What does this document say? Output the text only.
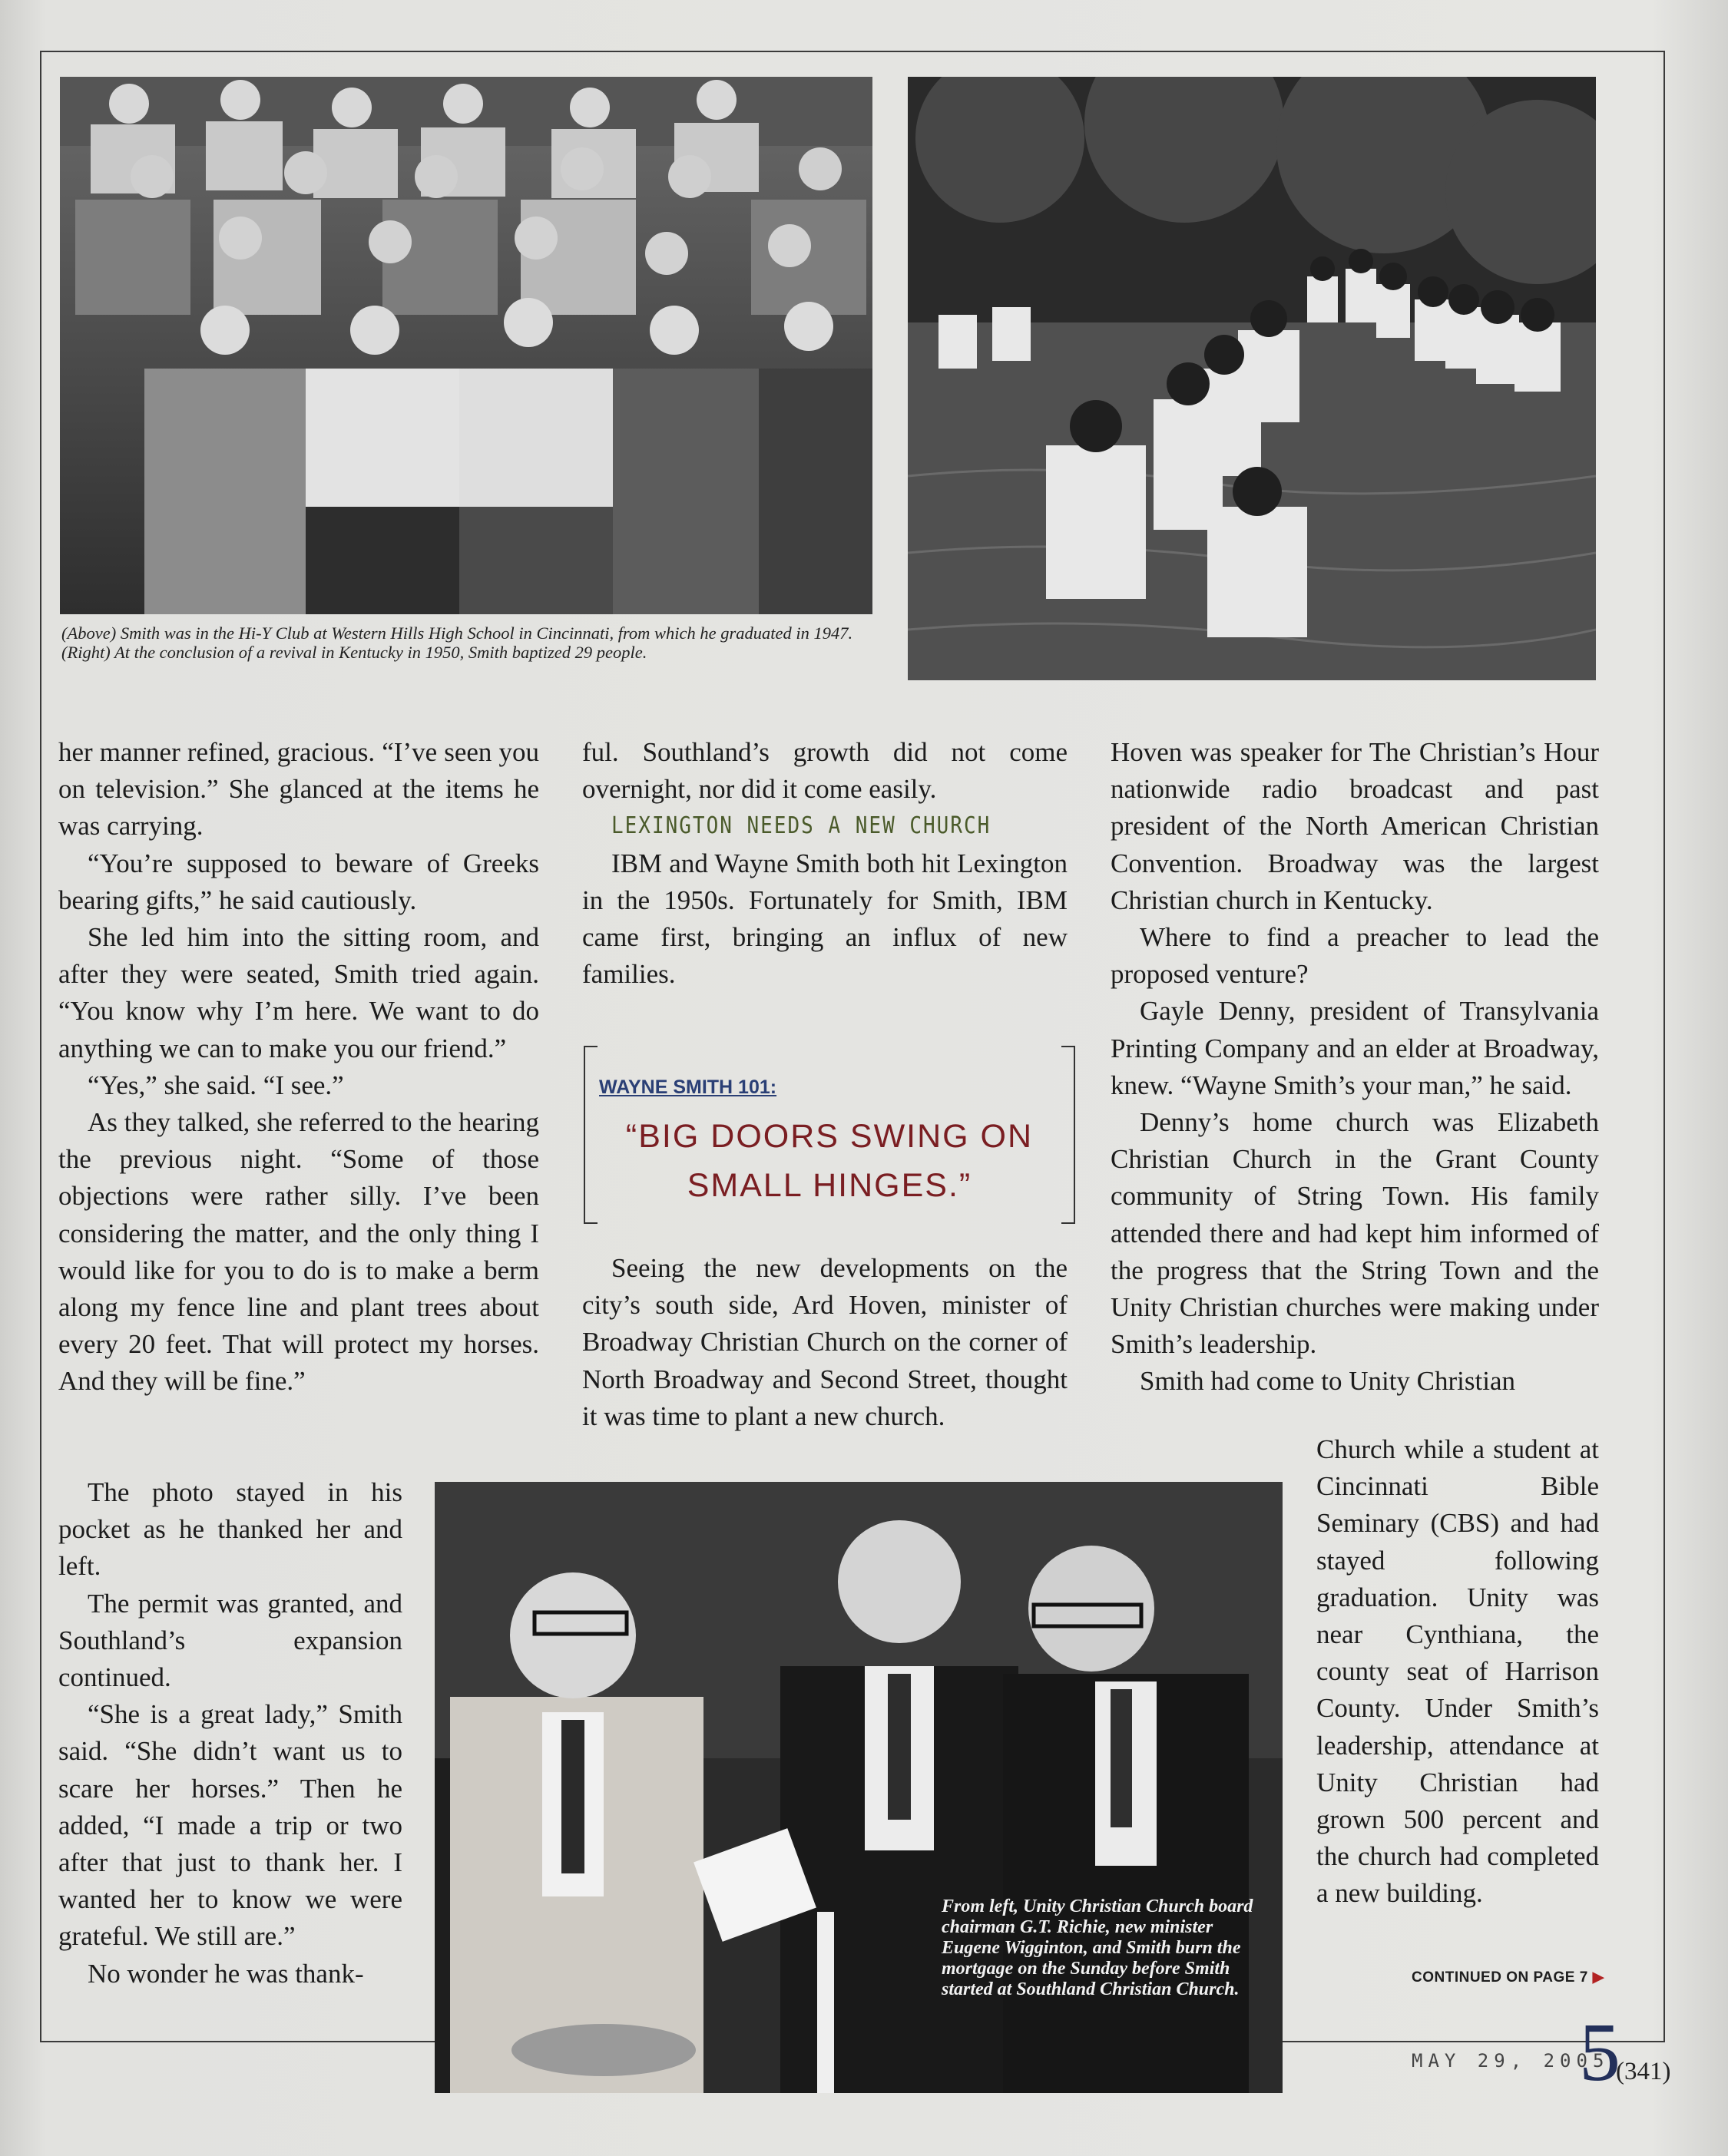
(Above) Smith was in the Hi-Y Club at Western Hills High School in Cincinnati, from which he graduated in 1947. (Right) At the conclusion of a revival in Kentucky in 1950, Smith baptized 29 people.

her manner refined, gracious. “I’ve seen you on television.” She glanced at the items he was carrying.

“You’re supposed to beware of Greeks bearing gifts,” he said cautiously.

She led him into the sitting room, and after they were seated, Smith tried again. “You know why I’m here. We want to do anything we can to make you our friend.”

“Yes,” she said. “I see.”

As they talked, she referred to the hearing the previous night. “Some of those objections were rather silly. I’ve been considering the matter, and the only thing I would like for you to do is to make a berm along my fence line and plant trees about every 20 feet. That will protect my horses. And they will be fine.”

The photo stayed in his pocket as he thanked her and left.

The permit was granted, and Southland’s expansion continued.

“She is a great lady,” Smith said. “She didn’t want us to scare her horses.” Then he added, “I made a trip or two after that just to thank her. I wanted her to know we were grateful. We still are.”

No wonder he was thank-

ful. Southland’s growth did not come overnight, nor did it come easily.

LEXINGTON NEEDS A NEW CHURCH

IBM and Wayne Smith both hit Lexington in the 1950s. Fortunately for Smith, IBM came first, bringing an influx of new families.

WAYNE SMITH 101:
“BIG DOORS SWING ON SMALL HINGES.”

Seeing the new developments on the city’s south side, Ard Hoven, minister of Broadway Christian Church on the corner of North Broadway and Second Street, thought it was time to plant a new church.

Hoven was speaker for The Christian’s Hour nationwide radio broadcast and past president of the North American Christian Convention. Broadway was the largest Christian church in Kentucky.

Where to find a preacher to lead the proposed venture?

Gayle Denny, president of Transylvania Printing Company and an elder at Broadway, knew. “Wayne Smith’s your man,” he said.

Denny’s home church was Elizabeth Christian Church in the Grant County community of String Town. His family attended there and had kept him informed of the progress that the String Town and the Unity Christian churches were making under Smith’s leadership.

Smith had come to Unity Christian

Church while a student at Cincinnati Bible Seminary (CBS) and had stayed following graduation. Unity was near Cynthiana, the county seat of Harrison County. Under Smith’s leadership, attendance at Unity Christian had grown 500 percent and the church had completed a new building.

From left, Unity Christian Church board chairman G.T. Richie, new minister Eugene Wigginton, and Smith burn the mortgage on the Sunday before Smith started at Southland Christian Church.
CONTINUED ON PAGE 7 ▶
MAY 29, 2005
5
(341)
